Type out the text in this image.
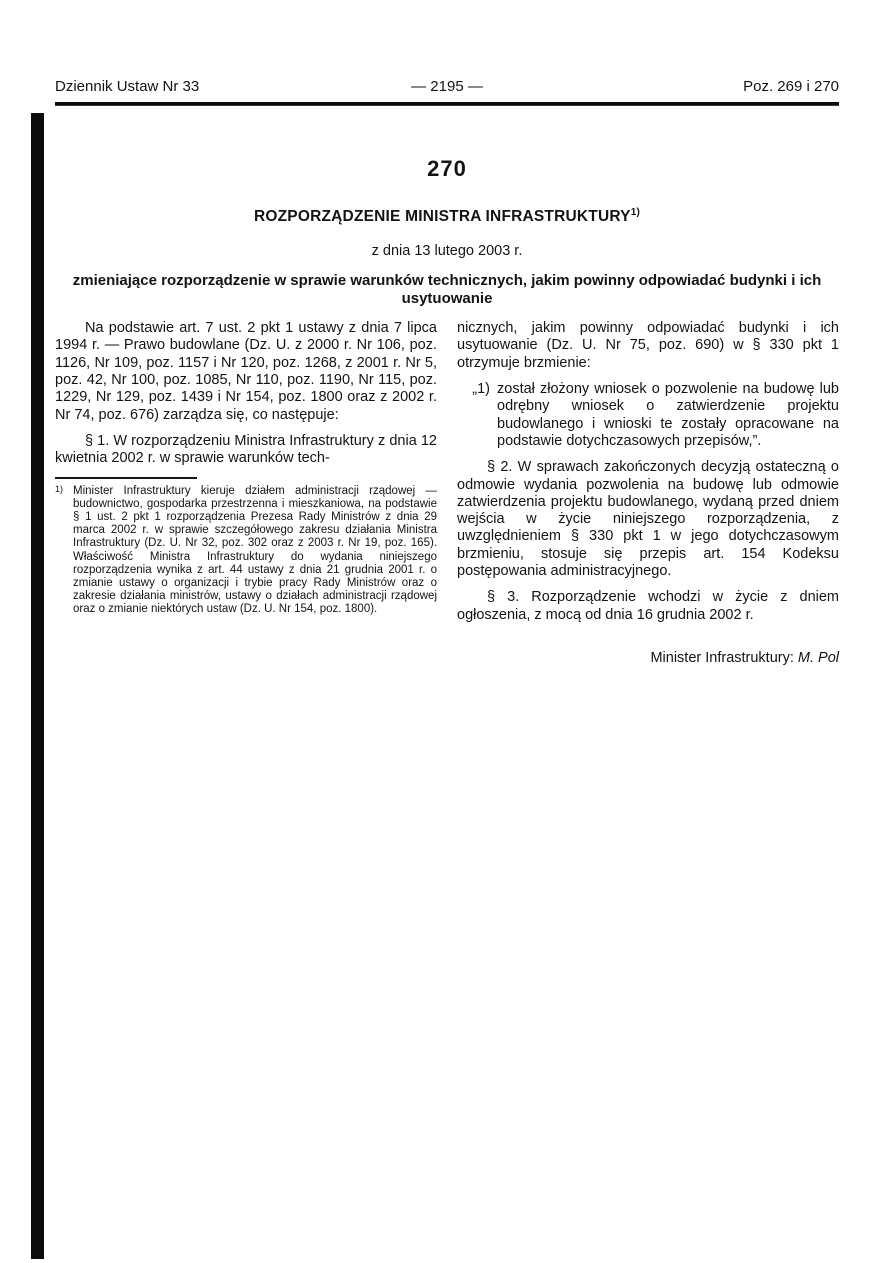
Dziennik Ustaw Nr 33	— 2195 —	Poz. 269 i 270
270
ROZPORZĄDZENIE MINISTRA INFRASTRUKTURY$^{1)}$
z dnia 13 lutego 2003 r.
zmieniające rozporządzenie w sprawie warunków technicznych, jakim powinny odpowiadać budynki i ich usytuowanie

Na podstawie art. 7 ust. 2 pkt 1 ustawy z dnia 7 lipca 1994 r. — Prawo budowlane (Dz. U. z 2000 r. Nr 106, poz. 1126, Nr 109, poz. 1157 i Nr 120, poz. 1268, z 2001 r. Nr 5, poz. 42, Nr 100, poz. 1085, Nr 110, poz. 1190, Nr 115, poz. 1229, Nr 129, poz. 1439 i Nr 154, poz. 1800 oraz z 2002 r. Nr 74, poz. 676) zarządza się, co następuje:

§ 1. W rozporządzeniu Ministra Infrastruktury z dnia 12 kwietnia 2002 r. w sprawie warunków tech-

1) Minister Infrastruktury kieruje działem administracji rządowej — budownictwo, gospodarka przestrzenna i mieszkaniowa, na podstawie § 1 ust. 2 pkt 1 rozporządzenia Prezesa Rady Ministrów z dnia 29 marca 2002 r. w sprawie szczegółowego zakresu działania Ministra Infrastruktury (Dz. U. Nr 32, poz. 302 oraz z 2003 r. Nr 19, poz. 165). Właściwość Ministra Infrastruktury do wydania niniejszego rozporządzenia wynika z art. 44 ustawy z dnia 21 grudnia 2001 r. o zmianie ustawy o organizacji i trybie pracy Rady Ministrów oraz o zakresie działania ministrów, ustawy o działach administracji rządowej oraz o zmianie niektórych ustaw (Dz. U. Nr 154, poz. 1800).

nicznych, jakim powinny odpowiadać budynki i ich usytuowanie (Dz. U. Nr 75, poz. 690) w § 330 pkt 1 otrzymuje brzmienie:

„1) został złożony wniosek o pozwolenie na budowę lub odrębny wniosek o zatwierdzenie projektu budowlanego i wnioski te zostały opracowane na podstawie dotychczasowych przepisów,”.

§ 2. W sprawach zakończonych decyzją ostateczną o odmowie wydania pozwolenia na budowę lub odmowie zatwierdzenia projektu budowlanego, wydaną przed dniem wejścia w życie niniejszego rozporządzenia, z uwzględnieniem § 330 pkt 1 w jego dotychczasowym brzmieniu, stosuje się przepis art. 154 Kodeksu postępowania administracyjnego.

§ 3. Rozporządzenie wchodzi w życie z dniem ogłoszenia, z mocą od dnia 16 grudnia 2002 r.

Minister Infrastruktury: M. Pol
